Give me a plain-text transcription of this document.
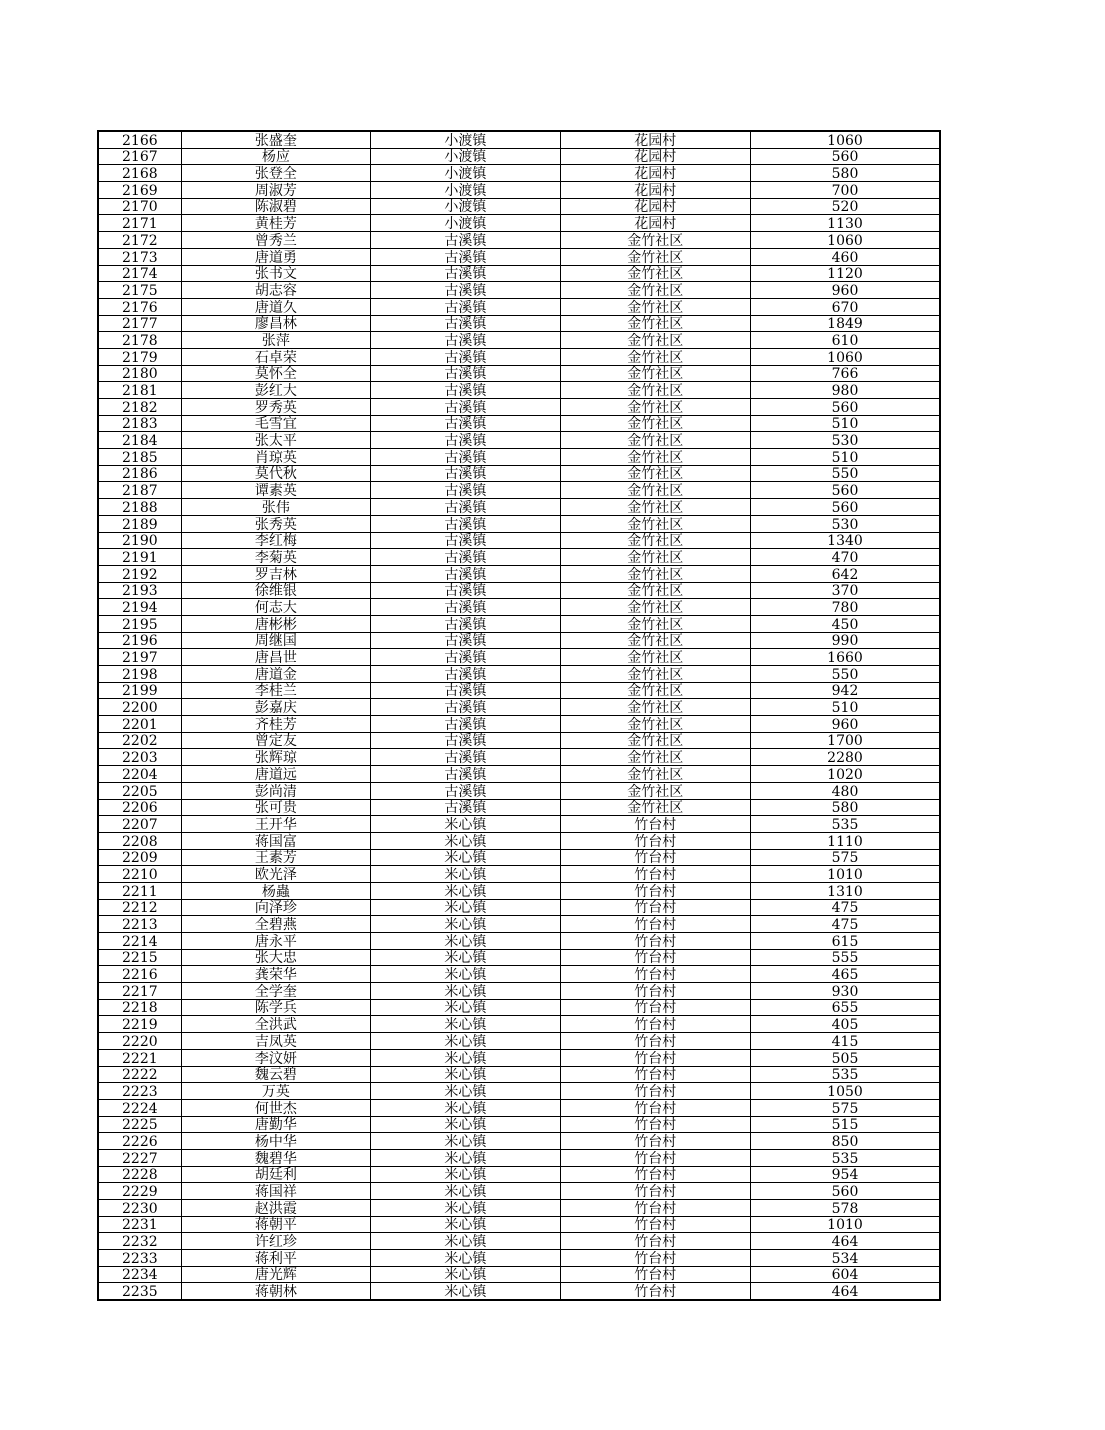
2166	张盛奎	小渡镇	花园村	1060
2167	杨应	小渡镇	花园村	560
2168	张登全	小渡镇	花园村	580
2169	周淑芳	小渡镇	花园村	700
2170	陈淑碧	小渡镇	花园村	520
2171	黄桂芳	小渡镇	花园村	1130
2172	曾秀兰	古溪镇	金竹社区	1060
2173	唐道勇	古溪镇	金竹社区	460
2174	张书文	古溪镇	金竹社区	1120
2175	胡志容	古溪镇	金竹社区	960
2176	唐道久	古溪镇	金竹社区	670
2177	廖昌林	古溪镇	金竹社区	1849
2178	张萍	古溪镇	金竹社区	610
2179	石卓荣	古溪镇	金竹社区	1060
2180	莫怀全	古溪镇	金竹社区	766
2181	彭红大	古溪镇	金竹社区	980
2182	罗秀英	古溪镇	金竹社区	560
2183	毛雪宜	古溪镇	金竹社区	510
2184	张太平	古溪镇	金竹社区	530
2185	肖琼英	古溪镇	金竹社区	510
2186	莫代秋	古溪镇	金竹社区	550
2187	谭素英	古溪镇	金竹社区	560
2188	张伟	古溪镇	金竹社区	560
2189	张秀英	古溪镇	金竹社区	530
2190	李红梅	古溪镇	金竹社区	1340
2191	李菊英	古溪镇	金竹社区	470
2192	罗吉林	古溪镇	金竹社区	642
2193	徐维银	古溪镇	金竹社区	370
2194	何志大	古溪镇	金竹社区	780
2195	唐彬彬	古溪镇	金竹社区	450
2196	周继国	古溪镇	金竹社区	990
2197	唐昌世	古溪镇	金竹社区	1660
2198	唐道金	古溪镇	金竹社区	550
2199	李桂兰	古溪镇	金竹社区	942
2200	彭嘉庆	古溪镇	金竹社区	510
2201	齐桂芳	古溪镇	金竹社区	960
2202	曾定友	古溪镇	金竹社区	1700
2203	张辉琼	古溪镇	金竹社区	2280
2204	唐道远	古溪镇	金竹社区	1020
2205	彭尚清	古溪镇	金竹社区	480
2206	张可贵	古溪镇	金竹社区	580
2207	王开华	米心镇	竹台村	535
2208	蒋国富	米心镇	竹台村	1110
2209	王素芳	米心镇	竹台村	575
2210	欧光泽	米心镇	竹台村	1010
2211	杨蟲	米心镇	竹台村	1310
2212	向泽珍	米心镇	竹台村	475
2213	全碧燕	米心镇	竹台村	475
2214	唐永平	米心镇	竹台村	615
2215	张大忠	米心镇	竹台村	555
2216	龚荣华	米心镇	竹台村	465
2217	全学奎	米心镇	竹台村	930
2218	陈学兵	米心镇	竹台村	655
2219	全洪武	米心镇	竹台村	405
2220	吉凤英	米心镇	竹台村	415
2221	李汶妍	米心镇	竹台村	505
2222	魏云碧	米心镇	竹台村	535
2223	万英	米心镇	竹台村	1050
2224	何世杰	米心镇	竹台村	575
2225	唐勤华	米心镇	竹台村	515
2226	杨中华	米心镇	竹台村	850
2227	魏碧华	米心镇	竹台村	535
2228	胡廷利	米心镇	竹台村	954
2229	蒋国祥	米心镇	竹台村	560
2230	赵洪霞	米心镇	竹台村	578
2231	蒋朝平	米心镇	竹台村	1010
2232	许红珍	米心镇	竹台村	464
2233	蒋利平	米心镇	竹台村	534
2234	唐光辉	米心镇	竹台村	604
2235	蒋朝林	米心镇	竹台村	464
